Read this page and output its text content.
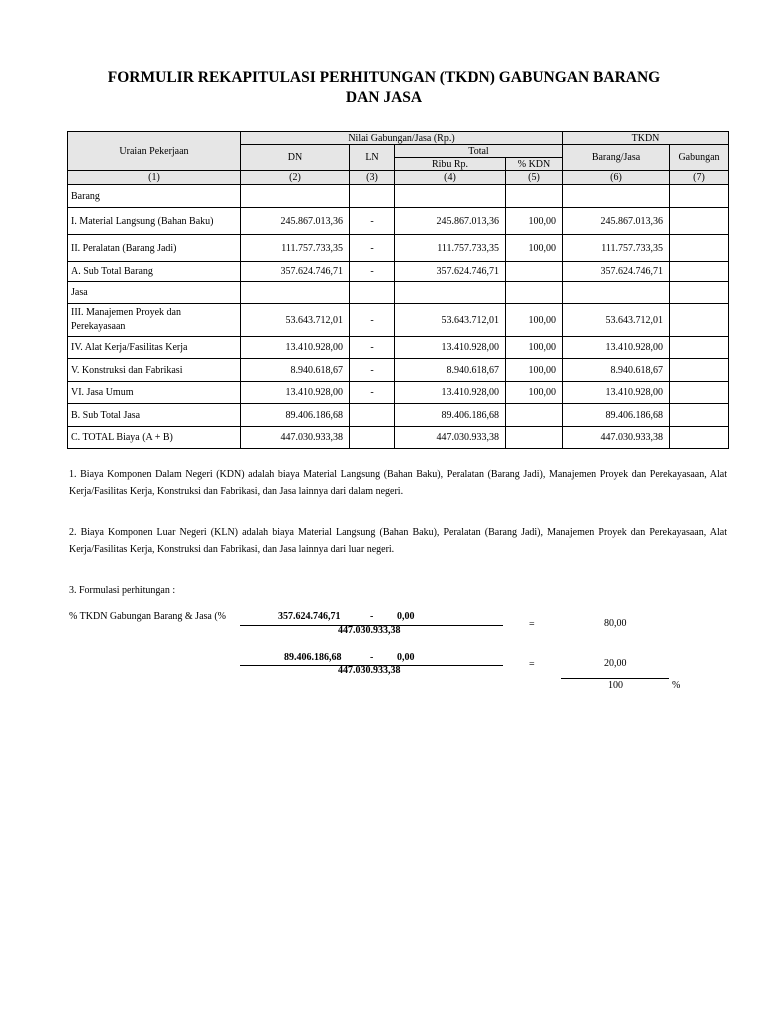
FORMULIR REKAPITULASI PERHITUNGAN (TKDN) GABUNGAN BARANG
DAN JASA
Uraian Pekerjaan	Nilai Gabungan/Jasa (Rp.)				TKDN	
	DN	LN	Total		Barang/Jasa	Gabungan
			Ribu Rp.	% KDN		
(1)	(2)	(3)	(4)	(5)	(6)	(7)
Barang						
I. Material Langsung (Bahan Baku)	245.867.013,36	-	245.867.013,36	100,00	245.867.013,36	
II. Peralatan (Barang Jadi)	111.757.733,35	-	111.757.733,35	100,00	111.757.733,35	
A. Sub Total Barang	357.624.746,71	-	357.624.746,71		357.624.746,71	
Jasa						
III. Manajemen Proyek dan Perekayasaan	53.643.712,01	-	53.643.712,01	100,00	53.643.712,01	
IV. Alat Kerja/Fasilitas Kerja	13.410.928,00	-	13.410.928,00	100,00	13.410.928,00	
V. Konstruksi dan Fabrikasi	8.940.618,67	-	8.940.618,67	100,00	8.940.618,67	
VI. Jasa Umum	13.410.928,00	-	13.410.928,00	100,00	13.410.928,00	
B. Sub Total Jasa	89.406.186,68		89.406.186,68		89.406.186,68	
C. TOTAL Biaya (A + B)	447.030.933,38		447.030.933,38		447.030.933,38	
1. Biaya Komponen Dalam Negeri (KDN) adalah biaya Material Langsung (Bahan Baku), Peralatan (Barang Jadi), Manajemen Proyek dan Perekayasaan, Alat Kerja/Fasilitas Kerja, Konstruksi dan Fabrikasi, dan Jasa lainnya dari dalam negeri.
2. Biaya Komponen Luar Negeri (KLN) adalah biaya Material Langsung (Bahan Baku), Peralatan (Barang Jadi), Manajemen Proyek dan Perekayasaan, Alat Kerja/Fasilitas Kerja, Konstruksi dan Fabrikasi, dan Jasa lainnya dari luar negeri.
3. Formulasi perhitungan :
% TKDN Gabungan Barang & Jasa (%	357.624.746,71	- 0,00
447.030.933,38
=	80,00
89.406.186,68	- 0,00
447.030.933,38
=	20,00
100	%
